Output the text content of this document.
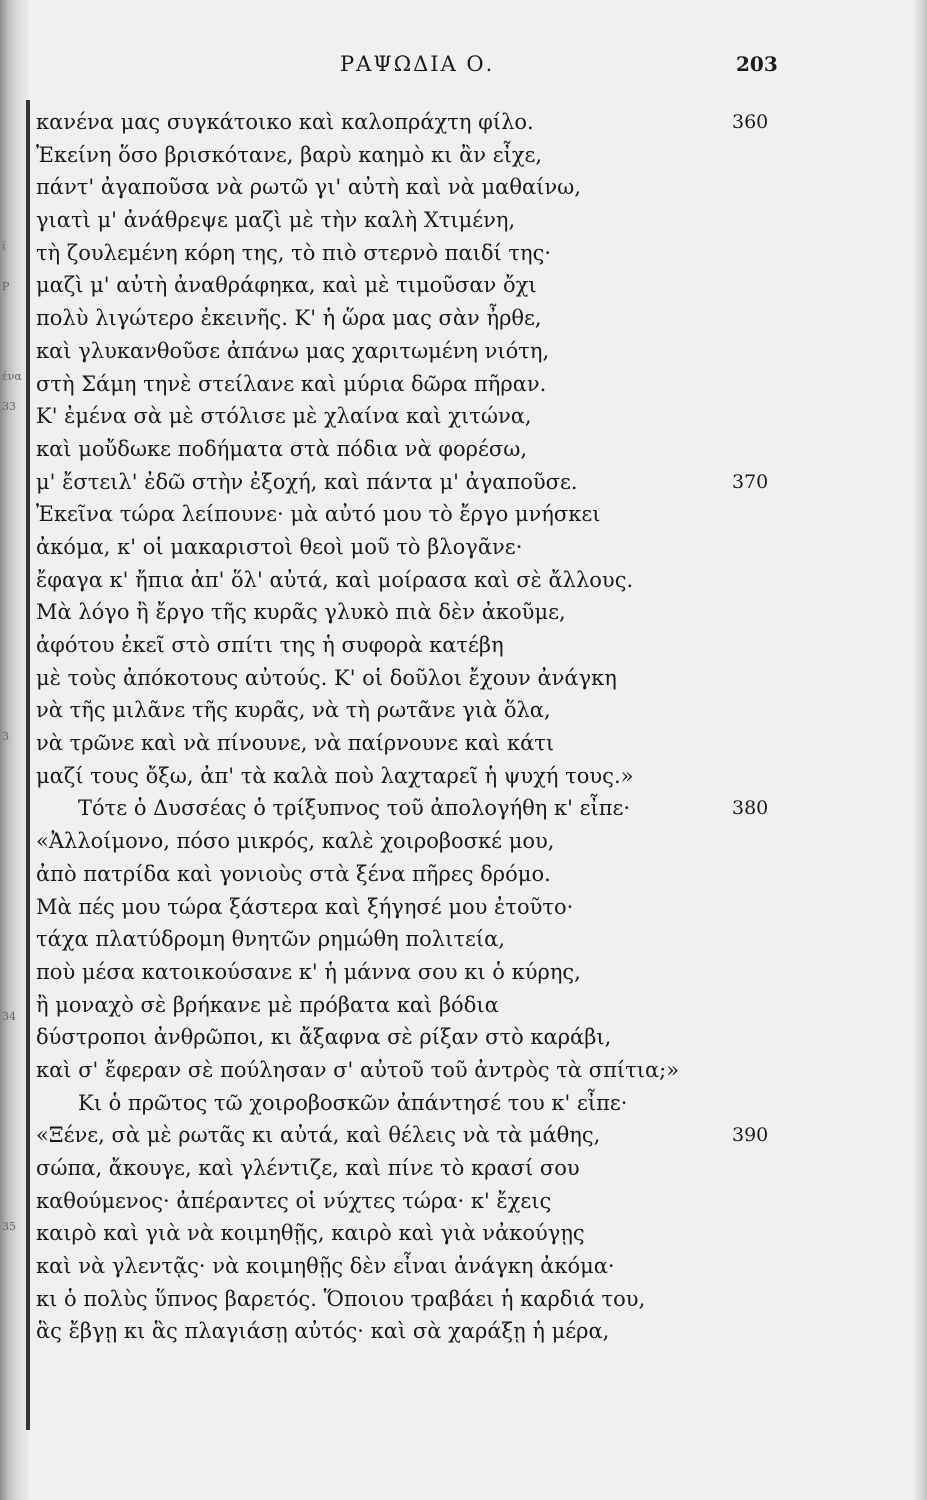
ί
Ρ
ένα
33
3
34
35
ΡΑΨΩΔΙΑ Ο.	203
κανένα μας συγκάτοικο καὶ καλοπράχτη φίλο.	360
Ἐκείνη ὅσο βρισκότανε, βαρὺ καημὸ κι ἂν εἶχε,
πάντ' ἀγαποῦσα νὰ ρωτῶ γι' αὐτὴ καὶ νὰ μαθαίνω,
γιατὶ μ' ἀνάθρεψε μαζὶ μὲ τὴν καλὴ Χτιμένη,
τὴ ζουλεμένη κόρη της, τὸ πιὸ στερνὸ παιδί της·
μαζὶ μ' αὐτὴ ἀναθράφηκα, καὶ μὲ τιμοῦσαν ὄχι
πολὺ λιγώτερο ἐκεινῆς. Κ' ἡ ὥρα μας σὰν ἦρθε,
καὶ γλυκανθοῦσε ἀπάνω μας χαριτωμένη νιότη,
στὴ Σάμη τηνὲ στείλανε καὶ μύρια δῶρα πῆραν.
Κ' ἐμένα σὰ μὲ στόλισε μὲ χλαίνα καὶ χιτώνα,
καὶ μοὔδωκε ποδήματα στὰ πόδια νὰ φορέσω,
μ' ἔστειλ' ἐδῶ στὴν ἐξοχή, καὶ πάντα μ' ἀγαποῦσε.	370
Ἐκεῖνα τώρα λείπουνε· μὰ αὐτό μου τὸ ἔργο μνήσκει
ἀκόμα, κ' οἱ μακαριστοὶ θεοὶ μοῦ τὸ βλογᾶνε·
ἔφαγα κ' ἤπια ἀπ' ὅλ' αὐτά, καὶ μοίρασα καὶ σὲ ἄλλους.
Μὰ λόγο ἢ ἔργο τῆς κυρᾶς γλυκὸ πιὰ δὲν ἀκοῦμε,
ἀφότου ἐκεῖ στὸ σπίτι της ἡ συφορὰ κατέβη
μὲ τοὺς ἀπόκοτους αὐτούς. Κ' οἱ δοῦλοι ἔχουν ἀνάγκη
νὰ τῆς μιλᾶνε τῆς κυρᾶς, νὰ τὴ ρωτᾶνε γιὰ ὅλα,
νὰ τρῶνε καὶ νὰ πίνουνε, νὰ παίρνουνε καὶ κάτι
μαζί τους ὄξω, ἀπ' τὰ καλὰ ποὺ λαχταρεῖ ἡ ψυχή τους.»
Τότε ὁ Δυσσέας ὁ τρίξυπνος τοῦ ἀπολογήθη κ' εἶπε·	380
«Ἀλλοίμονο, πόσο μικρός, καλὲ χοιροβοσκέ μου,
ἀπὸ πατρίδα καὶ γονιοὺς στὰ ξένα πῆρες δρόμο.
Μὰ πές μου τώρα ξάστερα καὶ ξήγησέ μου ἐτοῦτο·
τάχα πλατύδρομη θνητῶν ρημώθη πολιτεία,
ποὺ μέσα κατοικούσανε κ' ἡ μάννα σου κι ὁ κύρης,
ἢ μοναχὸ σὲ βρήκανε μὲ πρόβατα καὶ βόδια
δύστροποι ἀνθρῶποι, κι ἄξαφνα σὲ ρίξαν στὸ καράβι,
καὶ σ' ἔφεραν σὲ πούλησαν σ' αὐτοῦ τοῦ ἀντρὸς τὰ σπίτια;»
Κι ὁ πρῶτος τῶ χοιροβοσκῶν ἀπάντησέ του κ' εἶπε·
«Ξένε, σὰ μὲ ρωτᾶς κι αὐτά, καὶ θέλεις νὰ τὰ μάθης,	390
σώπα, ἄκουγε, καὶ γλέντιζε, καὶ πίνε τὸ κρασί σου
καθούμενος· ἀπέραντες οἱ νύχτες τώρα· κ' ἔχεις
καιρὸ καὶ γιὰ νὰ κοιμηθῇς, καιρὸ καὶ γιὰ νἀκούγῃς
καὶ νὰ γλεντᾷς· νὰ κοιμηθῇς δὲν εἶναι ἀνάγκη ἀκόμα·
κι ὁ πολὺς ὕπνος βαρετός. Ὅποιου τραβάει ἡ καρδιά του,
ἃς ἔβγῃ κι ἃς πλαγιάσῃ αὐτός· καὶ σὰ χαράξῃ ἡ μέρα,
